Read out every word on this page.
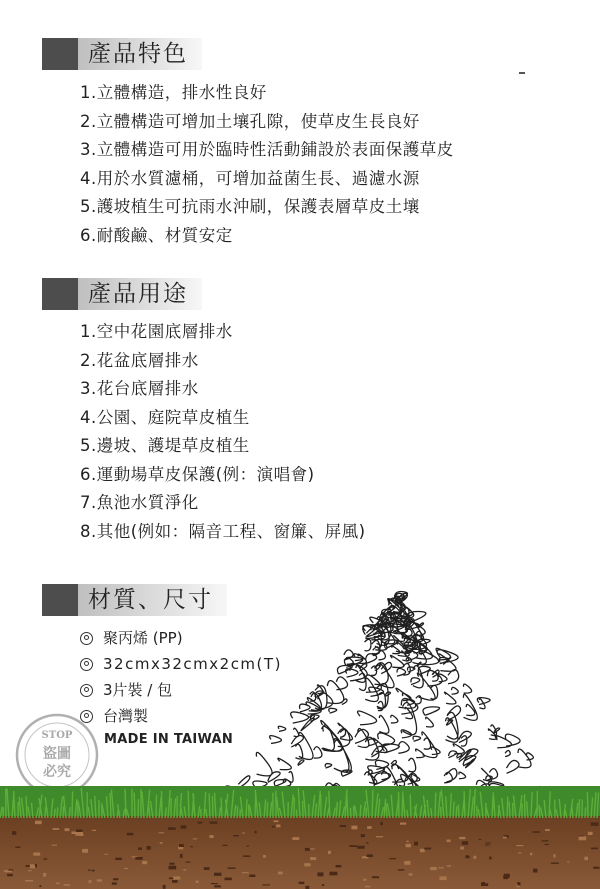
產品特色
1.立體構造，排水性良好
2.立體構造可增加土壤孔隙，使草皮生長良好
3.立體構造可用於臨時性活動鋪設於表面保護草皮
4.用於水質濾桶，可增加益菌生長、過濾水源
5.護坡植生可抗雨水沖刷，保護表層草皮土壤
6.耐酸鹼、材質安定
產品用途
1.空中花園底層排水
2.花盆底層排水
3.花台底層排水
4.公園、庭院草皮植生
5.邊坡、護堤草皮植生
6.運動場草皮保護(例：演唱會)
7.魚池水質淨化
8.其他(例如：隔音工程、窗簾、屏風)
材質、尺寸
聚丙烯 (PP)
32cmx32cmx2cm(T)
3片裝 / 包
台灣製
MADE IN TAIWAN
STOP
盜圖
必究
